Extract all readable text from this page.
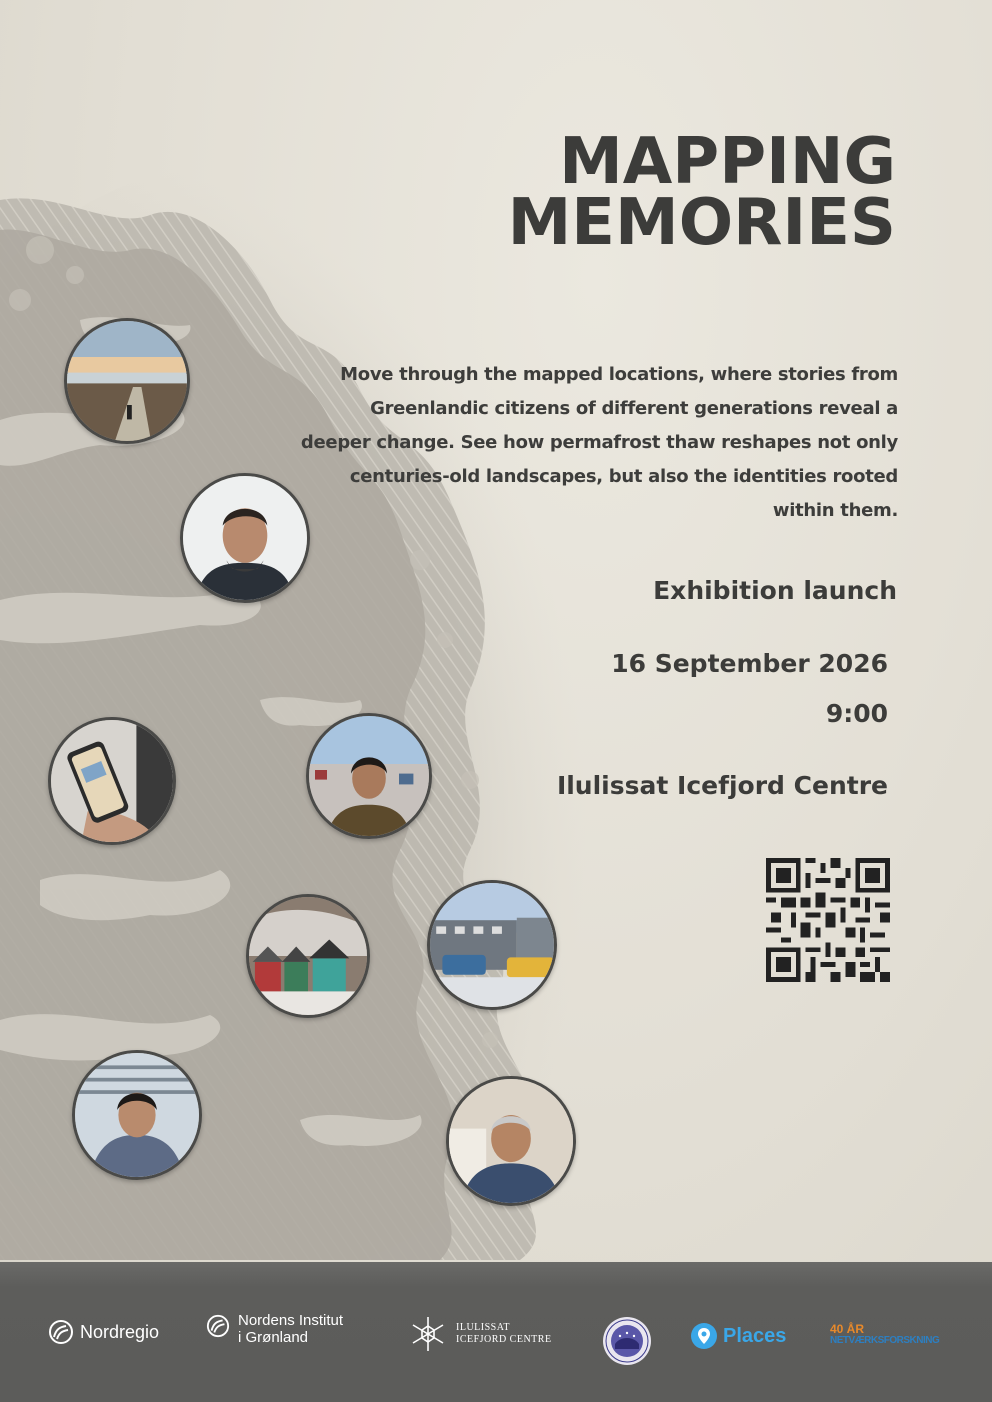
MAPPING
MEMORIES

Move through the mapped locations, where stories from Greenlandic citizens of different generations reveal a deeper change. See how permafrost thaw reshapes not only centuries-old landscapes, but also the identities rooted within them.

Exhibition launch

16 September 2026

9:00

Ilulissat Icefjord Centre

Nordregio
Nordens Institut
i Grønland
ILULISSAT
ICEFJORD CENTRE	Places	40 ÅR
NETVÆRKSFORSKNING
